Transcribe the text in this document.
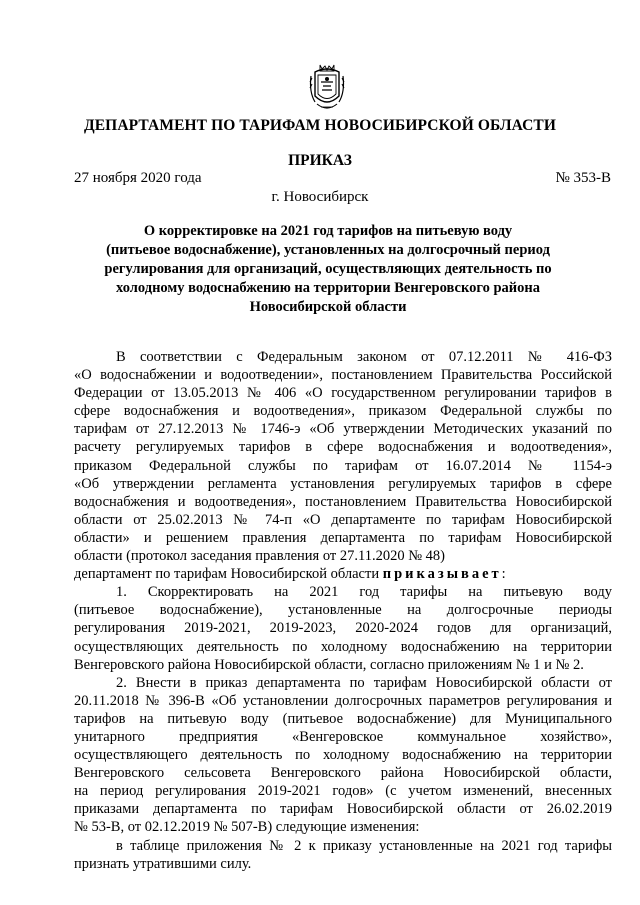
ДЕПАРТАМЕНТ ПО ТАРИФАМ НОВОСИБИРСКОЙ ОБЛАСТИ
ПРИКАЗ
27 ноября 2020 года	№ 353-В
г. Новосибирск
О корректировке на 2021 год тарифов на питьевую воду
(питьевое водоснабжение), установленных на долгосрочный период
регулирования для организаций, осуществляющих деятельность по
холодному водоснабжению на территории Венгеровского района
Новосибирской области
В соответствии с Федеральным законом от 07.12.2011 № 416-ФЗ
«О водоснабжении и водоотведении», постановлением Правительства Российской
Федерации от 13.05.2013 № 406 «О государственном регулировании тарифов в
сфере водоснабжения и водоотведения», приказом Федеральной службы по
тарифам от 27.12.2013 № 1746-э «Об утверждении Методических указаний по
расчету регулируемых тарифов в сфере водоснабжения и водоотведения»,
приказом Федеральной службы по тарифам от 16.07.2014 № 1154-э
«Об утверждении регламента установления регулируемых тарифов в сфере
водоснабжения и водоотведения», постановлением Правительства Новосибирской
области от 25.02.2013 № 74-п «О департаменте по тарифам Новосибирской
области» и решением правления департамента по тарифам Новосибирской
области (протокол заседания правления от 27.11.2020 № 48)
департамент по тарифам Новосибирской области приказывает:
1. Скорректировать на 2021 год тарифы на питьевую воду
(питьевое водоснабжение), установленные на долгосрочные периоды
регулирования 2019-2021, 2019-2023, 2020-2024 годов для организаций,
осуществляющих деятельность по холодному водоснабжению на территории
Венгеровского района Новосибирской области, согласно приложениям № 1 и № 2.
2. Внести в приказ департамента по тарифам Новосибирской области от
20.11.2018 № 396-В «Об установлении долгосрочных параметров регулирования и
тарифов на питьевую воду (питьевое водоснабжение) для Муниципального
унитарного предприятия «Венгеровское коммунальное хозяйство»,
осуществляющего деятельность по холодному водоснабжению на территории
Венгеровского сельсовета Венгеровского района Новосибирской области,
на период регулирования 2019-2021 годов» (с учетом изменений, внесенных
приказами департамента по тарифам Новосибирской области от 26.02.2019
№ 53-В, от 02.12.2019 № 507-В) следующие изменения:
в таблице приложения № 2 к приказу установленные на 2021 год тарифы
признать утратившими силу.
